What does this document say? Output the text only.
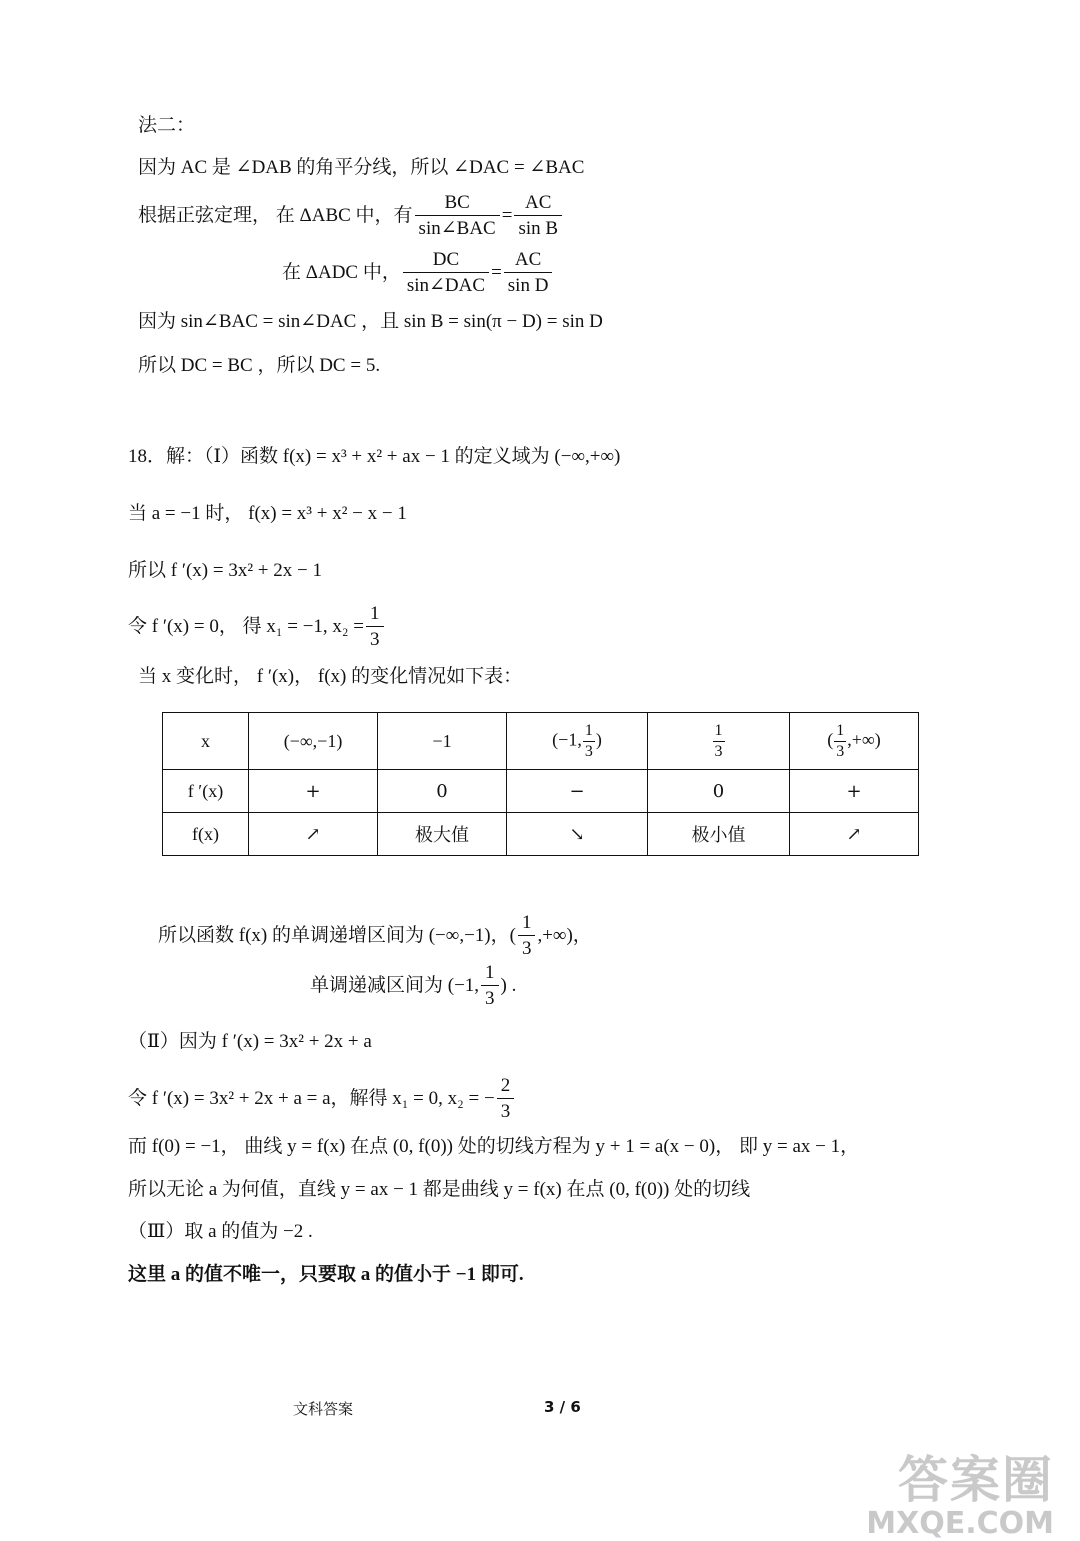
法二：
因为 AC 是 ∠DAB 的角平分线，所以 ∠DAC = ∠BAC
根据正弦定理， 在 ΔABC 中，有
BC
sin∠BAC
= $\frac{AC}{\text{sin B}}$
在 ΔADC 中，
DC
sin∠DAC
= $\frac{AC}{\text{sin D}}$
因为 sin∠BAC = sin∠DAC ，且 sin B = sin(π − D) = sin D
所以 DC = BC ，所以 DC = 5.
18．解：（Ⅰ）函数 f(x) = x³ + x² + ax − 1 的定义域为 (−∞,+∞)
当 a = −1 时， f(x) = x³ + x² − x − 1
所以 f ′(x) = 3x² + 2x − 1
令 f ′(x) = 0， 得 x₁ = −1, $x_2 = \frac{1}{3}$
当 x 变化时， f ′(x)， f(x) 的变化情况如下表：
x	(−∞,−1)	−1	(−1, $\frac{1}{3}$ )	$\frac{1}{3}$	( $\frac{1}{3}$ ,+∞)
f ′(x)	+	0	−	0	+
f(x)	↗	极大值	↘	极小值	↗
所以函数 f(x) 的单调递增区间为 (−∞,−1)，( $\frac{1}{3}$ ,+∞)，
单调递减区间为 (−1, $\frac{1}{3}$ ) .
（Ⅱ）因为 f ′(x) = 3x² + 2x + a
令 f ′(x) = 3x² + 2x + a = a，解得 x₁ = 0, x₂ = − $\frac{2}{3}$
而 f(0) = −1， 曲线 y = f(x) 在点 (0, f(0)) 处的切线方程为 y + 1 = a(x − 0)， 即 y = ax − 1，
所以无论 a 为何值，直线 y = ax − 1 都是曲线 y = f(x) 在点 (0, f(0)) 处的切线
（Ⅲ）取 a 的值为 −2 .
这里 a 的值不唯一，只要取 a 的值小于 −1 即可.
文科答案	3 / 6
答案圈
MXQE.COM
